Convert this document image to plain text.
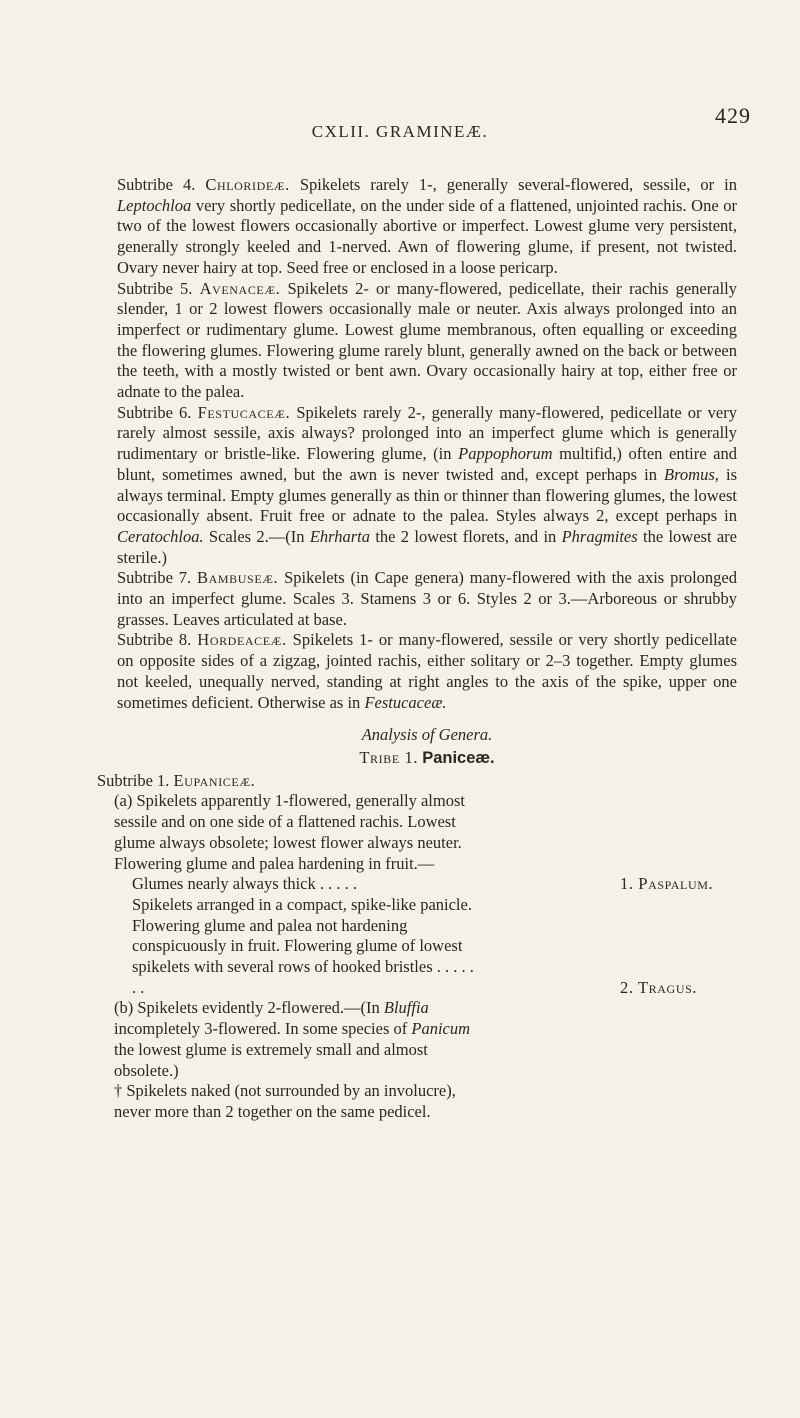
CXLII. GRAMINEÆ.
429

Subtribe 4. Chlorideæ. Spikelets rarely 1-, generally several-flowered, sessile, or in Leptochloa very shortly pedicellate, on the under side of a flattened, unjointed rachis. One or two of the lowest flowers occasionally abortive or imperfect. Lowest glume very persistent, generally strongly keeled and 1-nerved. Awn of flowering glume, if present, not twisted. Ovary never hairy at top. Seed free or enclosed in a loose pericarp.

Subtribe 5. Avenaceæ. Spikelets 2- or many-flowered, pedicellate, their rachis generally slender, 1 or 2 lowest flowers occasionally male or neuter. Axis always prolonged into an imperfect or rudimentary glume. Lowest glume membranous, often equalling or exceeding the flowering glumes. Flowering glume rarely blunt, generally awned on the back or between the teeth, with a mostly twisted or bent awn. Ovary occasionally hairy at top, either free or adnate to the palea.

Subtribe 6. Festucaceæ. Spikelets rarely 2-, generally many-flowered, pedicellate or very rarely almost sessile, axis always? prolonged into an imperfect glume which is generally rudimentary or bristle-like. Flowering glume, (in Pappophorum multifid,) often entire and blunt, sometimes awned, but the awn is never twisted and, except perhaps in Bromus, is always terminal. Empty glumes generally as thin or thinner than flowering glumes, the lowest occasionally absent. Fruit free or adnate to the palea. Styles always 2, except perhaps in Ceratochloa. Scales 2.—(In Ehrharta the 2 lowest florets, and in Phragmites the lowest are sterile.)

Subtribe 7. Bambuseæ. Spikelets (in Cape genera) many-flowered with the axis prolonged into an imperfect glume. Scales 3. Stamens 3 or 6. Styles 2 or 3.—Arboreous or shrubby grasses. Leaves articulated at base.

Subtribe 8. Hordeaceæ. Spikelets 1- or many-flowered, sessile or very shortly pedicellate on opposite sides of a zigzag, jointed rachis, either solitary or 2–3 together. Empty glumes not keeled, unequally nerved, standing at right angles to the axis of the spike, upper one sometimes deficient. Otherwise as in Festucaceæ.

Analysis of Genera.
Tribe 1. Paniceæ.
Subtribe 1. Eupaniceæ.
(a) Spikelets apparently 1-flowered, generally almost sessile and on one side of a flattened rachis. Lowest glume always obsolete; lowest flower always neuter. Flowering glume and palea hardening in fruit.—
Glumes nearly always thick . . . . .	1. Paspalum.
Spikelets arranged in a compact, spike-like panicle. Flowering glume and palea not hardening conspicuously in fruit. Flowering glume of lowest spikelets with several rows of hooked bristles . . . . . . .	2. Tragus.
(b) Spikelets evidently 2-flowered.—(In Bluffia incompletely 3-flowered. In some species of Panicum the lowest glume is extremely small and almost obsolete.)
† Spikelets naked (not surrounded by an involucre), never more than 2 together on the same pedicel.
